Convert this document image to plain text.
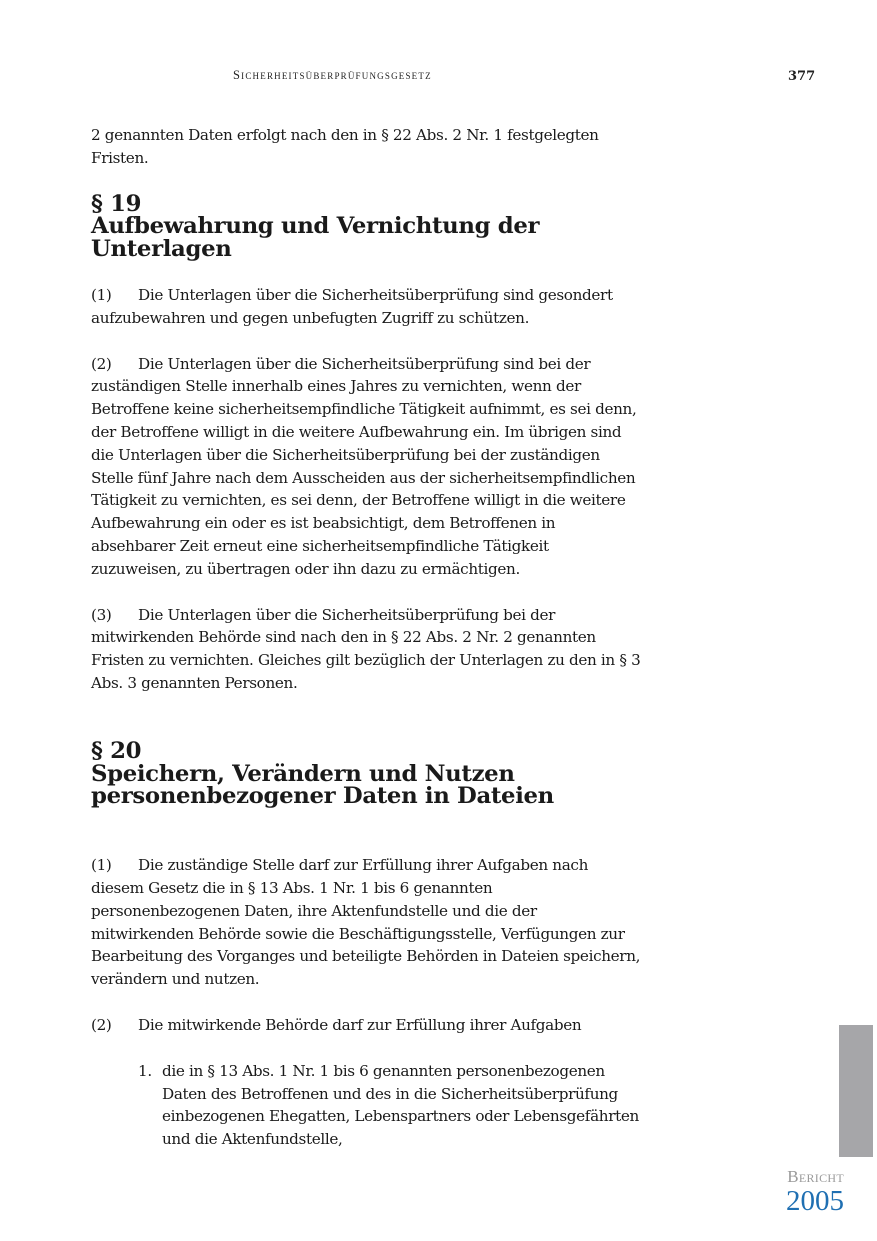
Sicherheitsüberprüfungsgesetz	377

2 genannten Daten erfolgt nach den in § 22 Abs. 2 Nr. 1 festgelegten Fristen.

§ 19
Aufbewahrung und Vernichtung der Unterlagen

(1) Die Unterlagen über die Sicherheitsüberprüfung sind gesondert aufzubewahren und gegen unbefugten Zugriff zu schützen.

(2) Die Unterlagen über die Sicherheitsüberprüfung sind bei der zuständigen Stelle innerhalb eines Jahres zu vernichten, wenn der Betroffene keine sicherheitsempfindliche Tätigkeit aufnimmt, es sei denn, der Betroffene willigt in die weitere Aufbewahrung ein. Im übrigen sind die Unterlagen über die Sicherheitsüberprüfung bei der zuständigen Stelle fünf Jahre nach dem Ausscheiden aus der sicherheitsempfindlichen Tätigkeit zu vernichten, es sei denn, der Betroffene willigt in die weitere Aufbewahrung ein oder es ist beabsichtigt, dem Betroffenen in absehbarer Zeit erneut eine sicherheitsempfindliche Tätigkeit zuzuweisen, zu übertragen oder ihn dazu zu ermächtigen.

(3) Die Unterlagen über die Sicherheitsüberprüfung bei der mitwirkenden Behörde sind nach den in § 22 Abs. 2 Nr. 2 genannten Fristen zu vernichten. Gleiches gilt bezüglich der Unterlagen zu den in § 3 Abs. 3 genannten Personen.

§ 20
Speichern, Verändern und Nutzen personenbezogener Daten in Dateien

(1) Die zuständige Stelle darf zur Erfüllung ihrer Aufgaben nach diesem Gesetz die in § 13 Abs. 1 Nr. 1 bis 6 genannten personenbezogenen Daten, ihre Aktenfundstelle und die der mitwirkenden Behörde sowie die Beschäftigungsstelle, Verfügungen zur Bearbeitung des Vorganges und beteiligte Behörden in Dateien speichern, verändern und nutzen.

(2) Die mitwirkende Behörde darf zur Erfüllung ihrer Aufgaben

1. die in § 13 Abs. 1 Nr. 1 bis 6 genannten personenbezogenen Daten des Betroffenen und des in die Sicherheitsüberprüfung einbezogenen Ehegatten, Lebenspartners oder Lebensgefährten und die Aktenfundstelle,

Bericht
2005
